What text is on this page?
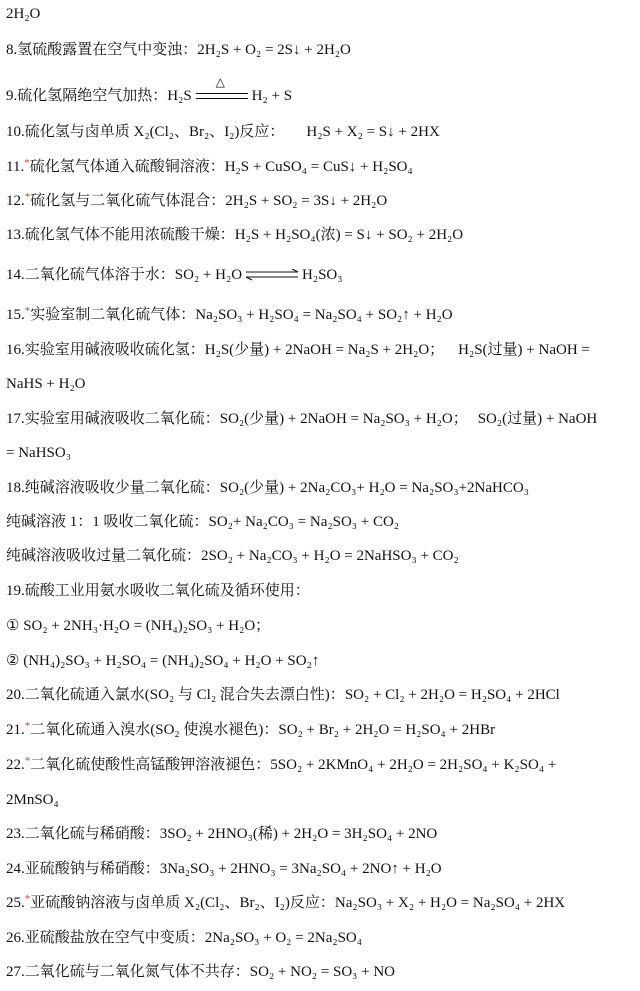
2H₂O
8.氢硫酸露置在空气中变浊：2H₂S + O₂ = 2S↓ + 2H₂O
9.硫化氢隔绝空气加热：H₂S
△
H₂ + S
10.硫化氢与卤单质 X₂(Cl₂、Br₂、I₂)反应： H₂S + X₂ = S↓ + 2HX
11.*硫化氢气体通入硫酸铜溶液：H₂S + CuSO₄ = CuS↓ + H₂SO₄
12.*硫化氢与二氧化硫气体混合：2H₂S + SO₂ = 3S↓ + 2H₂O
13.硫化氢气体不能用浓硫酸干燥：H₂S + H₂SO₄(浓) = S↓ + SO₂ + 2H₂O
14.二氧化硫气体溶于水：SO₂ + H₂O ⇌ H₂SO₃
15.*实验室制二氧化硫气体：Na₂SO₃ + H₂SO₄ = Na₂SO₄ + SO₂↑ + H₂O
16.实验室用碱液吸收硫化氢：H₂S(少量) + 2NaOH = Na₂S + 2H₂O； H₂S(过量) + NaOH =
NaHS + H₂O
17.实验室用碱液吸收二氧化硫：SO₂(少量) + 2NaOH = Na₂SO₃ + H₂O； SO₂(过量) + NaOH
= NaHSO₃
18.纯碱溶液吸收少量二氧化硫：SO₂(少量) + 2Na₂CO₃+ H₂O = Na₂SO₃+2NaHCO₃
纯碱溶液 1：1 吸收二氧化硫：SO₂+ Na₂CO₃ = Na₂SO₃ + CO₂
纯碱溶液吸收过量二氧化硫：2SO₂ + Na₂CO₃ + H₂O = 2NaHSO₃ + CO₂
19.硫酸工业用氨水吸收二氧化硫及循环使用：
① SO₂ + 2NH₃·H₂O = (NH₄)₂SO₃ + H₂O；
② (NH₄)₂SO₃ + H₂SO₄ = (NH₄)₂SO₄ + H₂O + SO₂↑
20.二氧化硫通入氯水(SO₂ 与 Cl₂ 混合失去漂白性)：SO₂ + Cl₂ + 2H₂O = H₂SO₄ + 2HCl
21.*二氧化硫通入溴水(SO₂ 使溴水褪色)：SO₂ + Br₂ + 2H₂O = H₂SO₄ + 2HBr
22.*二氧化硫使酸性高锰酸钾溶液褪色：5SO₂ + 2KMnO₄ + 2H₂O = 2H₂SO₄ + K₂SO₄ +
2MnSO₄
23.二氧化硫与稀硝酸：3SO₂ + 2HNO₃(稀) + 2H₂O = 3H₂SO₄ + 2NO
24.亚硫酸钠与稀硝酸：3Na₂SO₃ + 2HNO₃ = 3Na₂SO₄ + 2NO↑ + H₂O
25.*亚硫酸钠溶液与卤单质 X₂(Cl₂、Br₂、I₂)反应：Na₂SO₃ + X₂ + H₂O = Na₂SO₄ + 2HX
26.亚硫酸盐放在空气中变质：2Na₂SO₃ + O₂ = 2Na₂SO₄
27.二氧化硫与二氧化氮气体不共存：SO₂ + NO₂ = SO₃ + NO
